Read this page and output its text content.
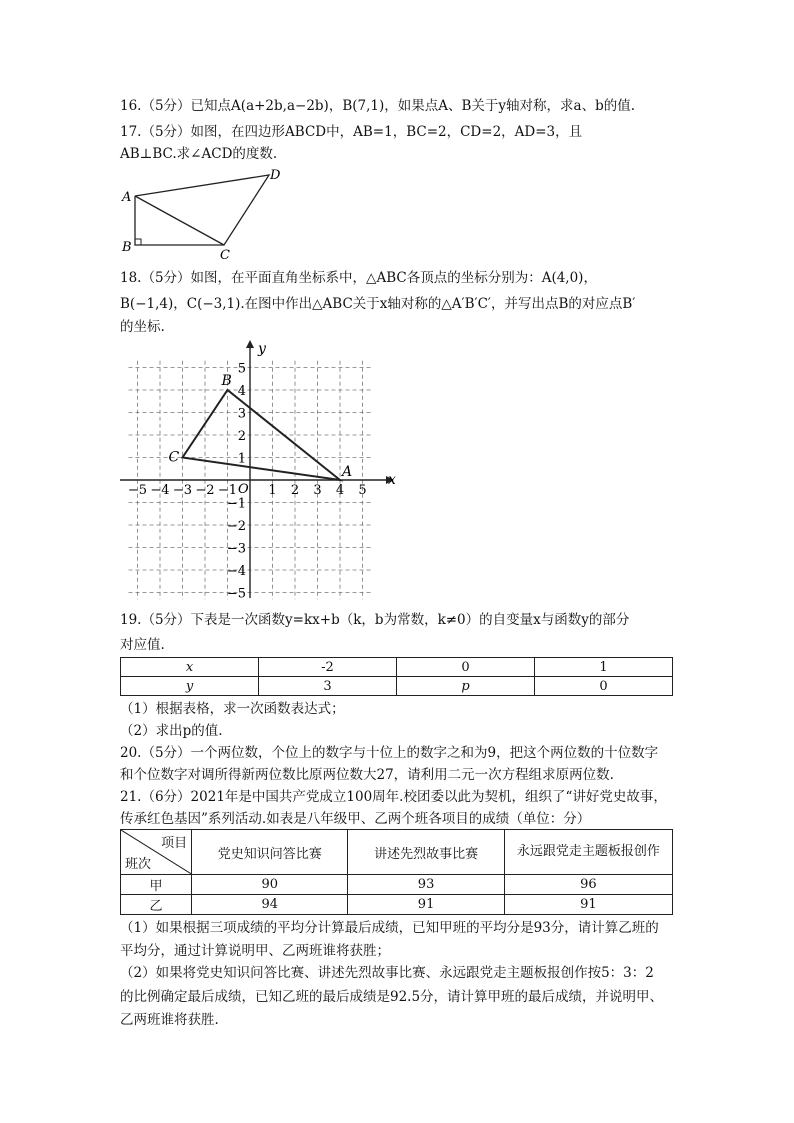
16.（5分）已知点A(a+2b,a−2b)，B(7,1)，如果点A、B关于y轴对称，求a、b的值.
17.（5分）如图，在四边形ABCD中，AB=1，BC=2，CD=2，AD=3，且
AB⊥BC.求∠ACD的度数.
A
B
C
D
18.（5分）如图，在平面直角坐标系中，△ABC各顶点的坐标分别为：A(4,0)，
B(−1,4)，C(−3,1).在图中作出△ABC关于x轴对称的△A′B′C′，并写出点B的对应点B′
的坐标.
x
y
O
−5 −4 −3 −2 −1 1 2 3 4 5
5
4
3
2
1
−1
−2
−3
−4
−5
A
B
C
19.（5分）下表是一次函数y=kx+b（k，b为常数，k≠0）的自变量x与函数y的部分
对应值.
x	-2	0	1
y	3	p	0
（1）根据表格，求一次函数表达式；
（2）求出p的值.
20.（5分）一个两位数，个位上的数字与十位上的数字之和为9，把这个两位数的十位数字
和个位数字对调所得新两位数比原两位数大27，请利用二元一次方程组求原两位数.
21.（6分）2021年是中国共产党成立100周年.校团委以此为契机，组织了“讲好党史故事，
传承红色基因”系列活动.如表是八年级甲、乙两个班各项目的成绩（单位：分）
项目
班次	党史知识问答比赛	讲述先烈故事比赛	永远跟党走主题板报创作
甲	90	93	96
乙	94	91	91
（1）如果根据三项成绩的平均分计算最后成绩，已知甲班的平均分是93分，请计算乙班的
平均分，通过计算说明甲、乙两班谁将获胜；
（2）如果将党史知识问答比赛、讲述先烈故事比赛、永远跟党走主题板报创作按5：3：2
的比例确定最后成绩，已知乙班的最后成绩是92.5分，请计算甲班的最后成绩，并说明甲、
乙两班谁将获胜.
